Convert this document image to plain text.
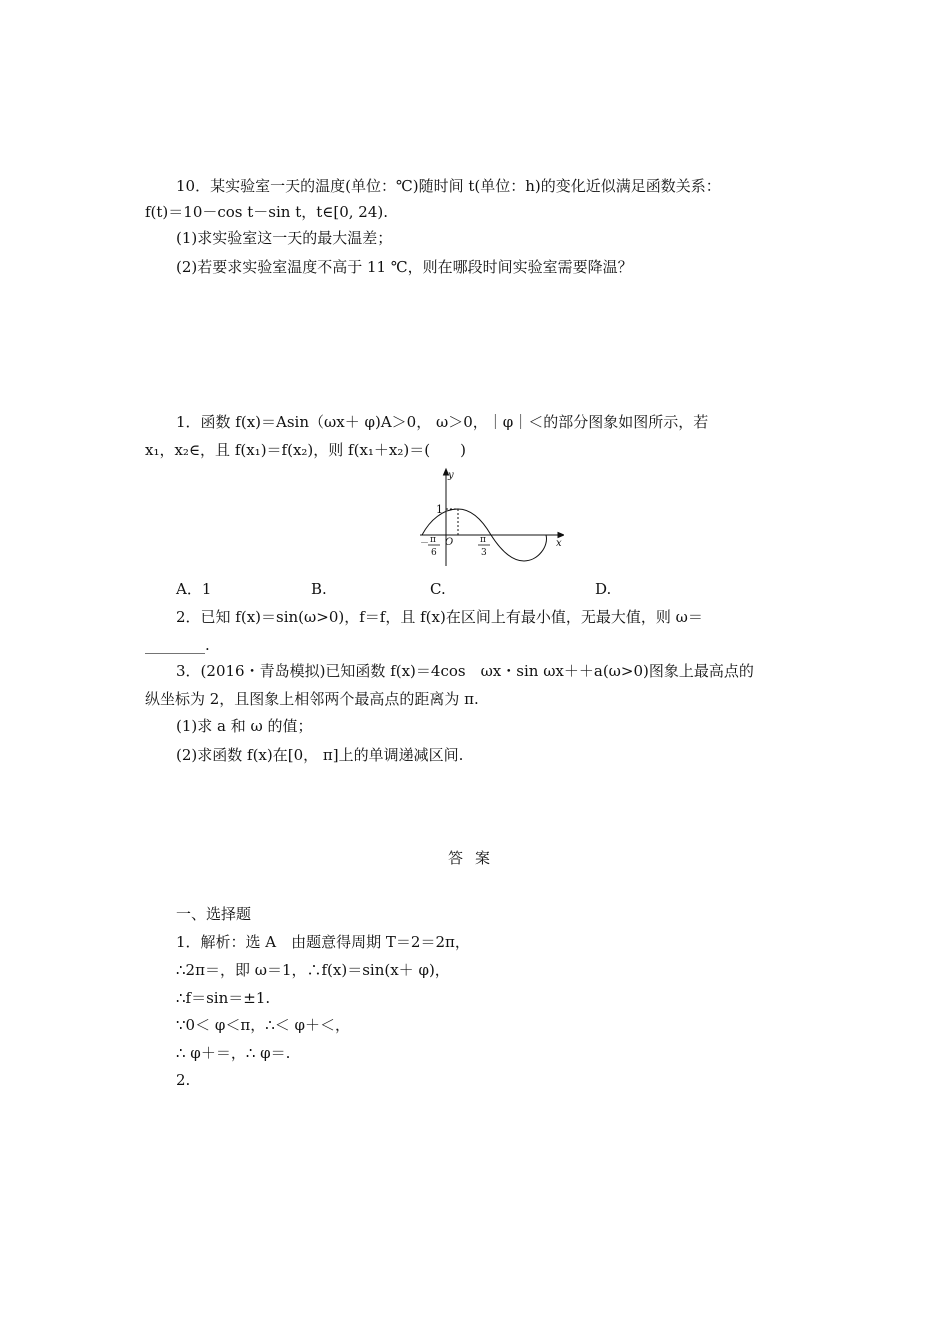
10．某实验室一天的温度(单位：℃)随时间 t(单位：h)的变化近似满足函数关系：
f(t)＝10－cos t－sin t，t∈[0, 24).
(1)求实验室这一天的最大温差；
(2)若要求实验室温度不高于 11 ℃，则在哪段时间实验室需要降温？
1．函数 f(x)＝Asin（ωx＋ φ)A＞0， ω＞0，｜φ｜＜的部分图象如图所示，若
x₁，x₂∈，且 f(x₁)＝f(x₂)，则 f(x₁＋x₂)＝(　　)
y
x
1
O
－ π
6
π
3
A．1	B.	C.	D.
2．已知 f(x)＝sin(ω>0)，f＝f，且 f(x)在区间上有最小值，无最大值，则 ω＝
________.
3．(2016・青岛模拟)已知函数 f(x)＝4cos　ωx・sin ωx＋＋a(ω>0)图象上最高点的
纵坐标为 2，且图象上相邻两个最高点的距离为 π.
(1)求 a 和 ω 的值；
(2)求函数 f(x)在[0， π]上的单调递减区间.
答案
一、选择题
1．解析：选 A　由题意得周期 T＝2＝2π，
∴2π＝，即 ω＝1，∴f(x)＝sin(x＋ φ)，
∴f＝sin＝±1.
∵0＜ φ＜π，∴＜ φ＋＜，
∴ φ＋＝，∴ φ＝.
2.
